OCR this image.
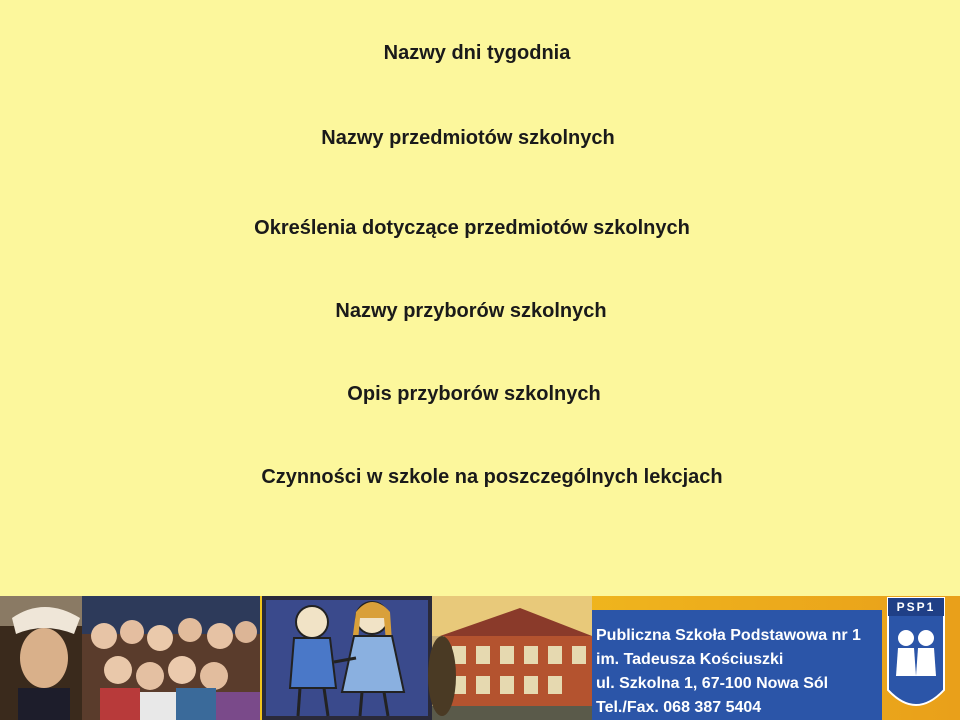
Nazwy dni tygodnia
Nazwy przedmiotów szkolnych
Określenia dotyczące przedmiotów szkolnych
Nazwy przyborów szkolnych
Opis przyborów szkolnych
Czynności w szkole na poszczególnych lekcjach
PSP1
Publiczna Szkoła Podstawowa nr 1
im. Tadeusza Kościuszki
ul. Szkolna 1, 67-100 Nowa Sól
Tel./Fax. 068 387 5404
